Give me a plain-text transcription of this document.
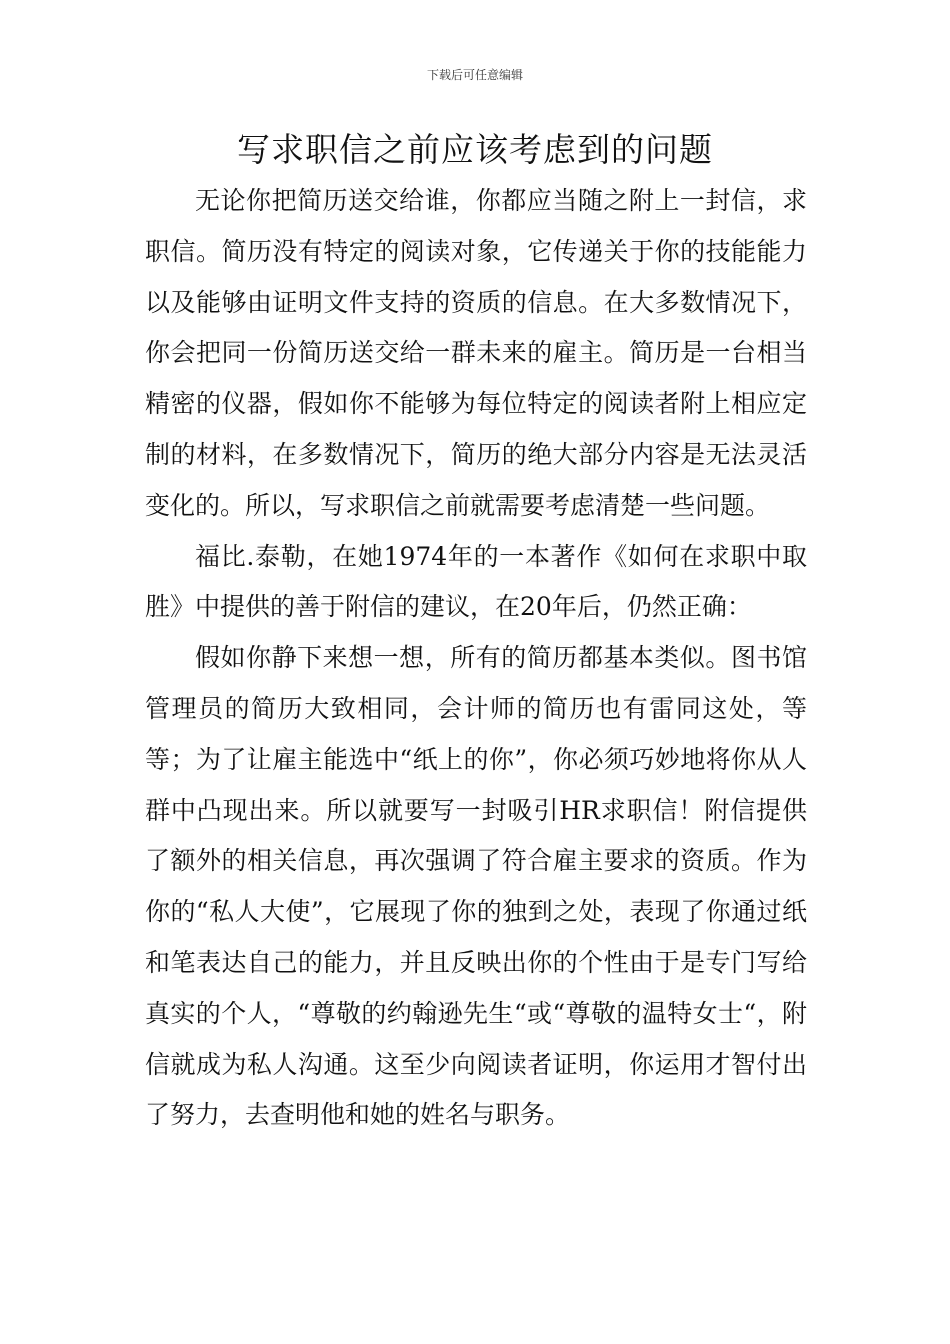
下载后可任意编辑
写求职信之前应该考虑到的问题

无论你把简历送交给谁，你都应当随之附上一封信，求职信。简历没有特定的阅读对象，它传递关于你的技能能力以及能够由证明文件支持的资质的信息。在大多数情况下，你会把同一份简历送交给一群未来的雇主。简历是一台相当精密的仪器，假如你不能够为每位特定的阅读者附上相应定制的材料，在多数情况下，简历的绝大部分内容是无法灵活变化的。所以，写求职信之前就需要考虑清楚一些问题。

福比.泰勒，在她1974年的一本著作《如何在求职中取胜》中提供的善于附信的建议，在20年后，仍然正确：

假如你静下来想一想，所有的简历都基本类似。图书馆管理员的简历大致相同，会计师的简历也有雷同这处，等等；为了让雇主能选中“纸上的你”，你必须巧妙地将你从人群中凸现出来。所以就要写一封吸引HR求职信！附信提供了额外的相关信息，再次强调了符合雇主要求的资质。作为你的“私人大使”，它展现了你的独到之处，表现了你通过纸和笔表达自己的能力，并且反映出你的个性由于是专门写给真实的个人，“尊敬的约翰逊先生“或“尊敬的温特女士“，附信就成为私人沟通。这至少向阅读者证明，你运用才智付出了努力，去查明他和她的姓名与职务。
